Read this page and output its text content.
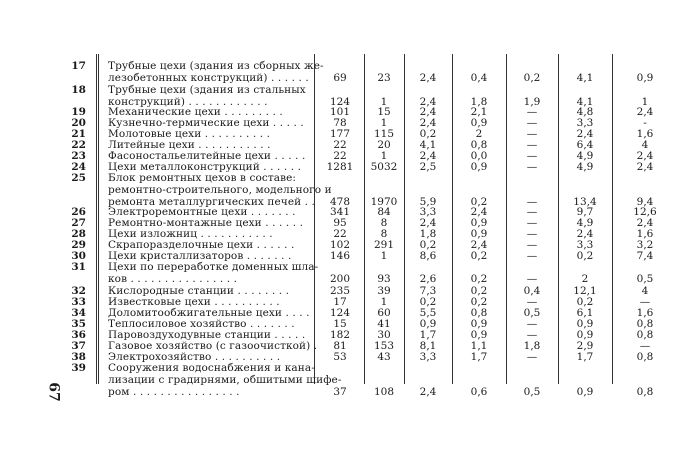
17 Трубные цехи (здания из сборных же-
лезобетонных конструкций) . . . . . .	69	23	2,4	0,4	0,2	4,1	0,9
18 Трубные цехи (здания из стальных
конструкций) . . . . . . . . . . . .	124	1	2,4	1,8	1,9	4,1	1
19 Механические цехи . . . . . . . . .	101	15	2,4	2,1	—	4,8	2,4
20 Кузнечно-термические цехи . . . . .	78	1	2,4	0,9	—	3,3	-
21 Молотовые цехи . . . . . . . . . .	177	115	0,2	2	—	2,4	1,6
22 Литейные цехи . . . . . . . . . . .	22	20	4,1	0,8	—	6,4	4
23 Фасоностальелитейные цехи . . . . .	22	1	2,4	0,0	—	4,9	2,4
24 Цехи металлоконструкций . . . . . .	1281	5032	2,5	0,9	—	4,9	2,4
25 Блок ремонтных цехов в составе:
ремонтно-строительного, модельного и
ремонта металлургических печей . .	478	1970	5,9	0,2	—	13,4	9,4
26 Электроремонтные цехи . . . . . . .	341	84	3,3	2,4	—	9,7	12,6
27 Ремонтно-монтажные цехи . . . . . .	95	8	2,4	0,9	—	4,9	2,4
28 Цехи изложниц . . . . . . . . . . .	22	8	1,8	0,9	—	2,4	1,6
29 Скрапоразделочные цехи . . . . . .	102	291	0,2	2,4	—	3,3	3,2
30 Цехи кристаллизаторов . . . . . . .	146	1	8,6	0,2	—	0,2	7,4
31 Цехи по переработке доменных шла-
ков . . . . . . . . . . . . . . . .	200	93	2,6	0,2	—	2	0,5
32 Кислородные станции . . . . . . . .	235	39	7,3	0,2	0,4	12,1	4
33 Известковые цехи . . . . . . . . . .	17	1	0,2	0,2	—	0,2	—
34 Доломитообжигательные цехи . . . .	124	60	5,5	0,8	0,5	6,1	1,6
35 Теплосиловое хозяйство . . . . . . .	15	41	0,9	0,9	—	0,9	0,8
36 Паровоздуходувные станции . . . . .	182	30	1,7	0,9	—	0,9	0,8
37 Газовое хозяйство (с газоочисткой) .	81	153	8,1	1,1	1,8	2,9	—
38 Электрохозяйство . . . . . . . . . .	53	43	3,3	1,7	—	1,7	0,8
39 Сооружения водоснабжения и кана-
лизации с градирнями, обшитыми шифе-
ром . . . . . . . . . . . . . . . .	37	108	2,4	0,6	0,5	0,9	0,8
67
